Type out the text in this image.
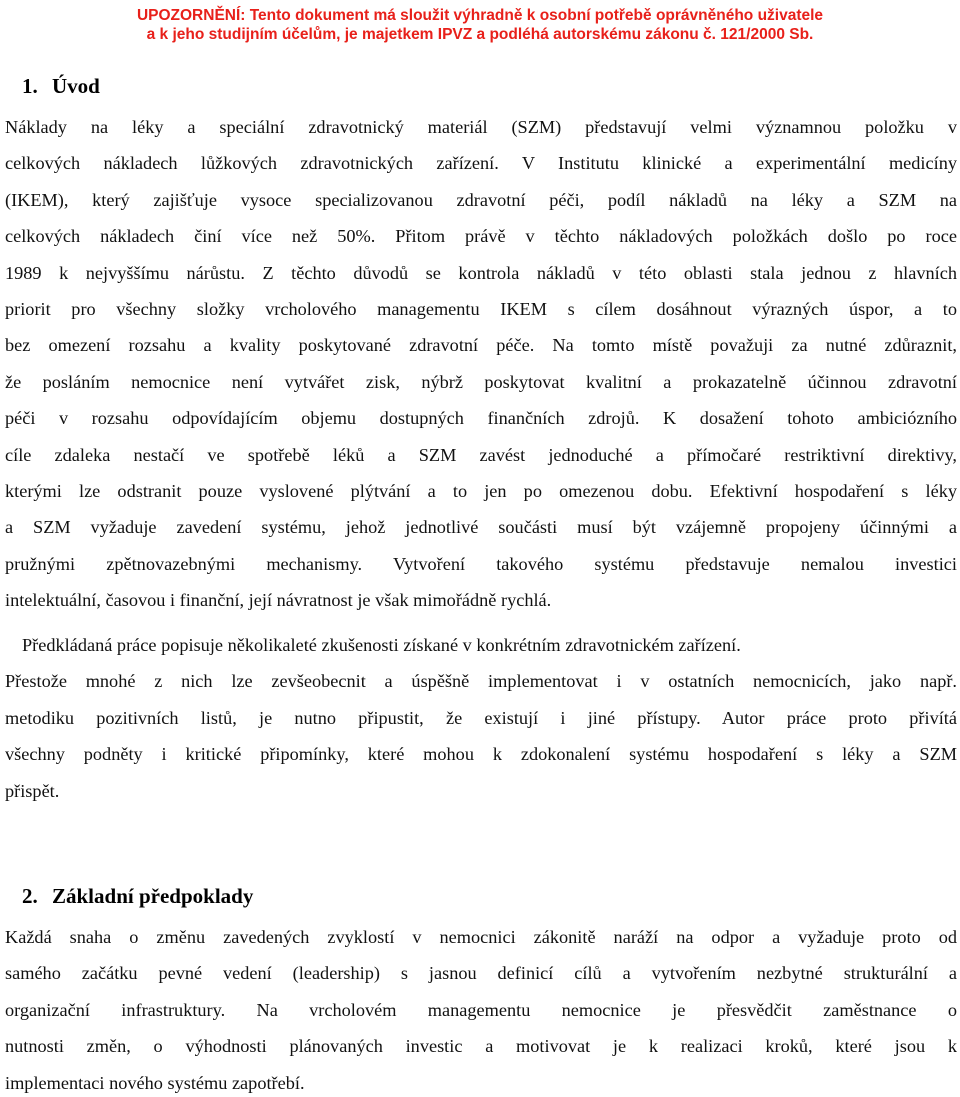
UPOZORNĚNÍ: Tento dokument má sloužit výhradně k osobní potřebě oprávněného uživatele
a k jeho studijním účelům, je majetkem IPVZ a podléhá autorskému zákonu č. 121/2000 Sb.
1. Úvod
Náklady na léky a speciální zdravotnický materiál (SZM) představují velmi významnou položku v
celkových nákladech lůžkových zdravotnických zařízení. V Institutu klinické a experimentální medicíny
(IKEM), který zajišťuje vysoce specializovanou zdravotní péči, podíl nákladů na léky a SZM na
celkových nákladech činí více než 50%. Přitom právě v těchto nákladových položkách došlo po roce
1989 k nejvyššímu nárůstu. Z těchto důvodů se kontrola nákladů v této oblasti stala jednou z hlavních
priorit pro všechny složky vrcholového managementu IKEM s cílem dosáhnout výrazných úspor, a to
bez omezení rozsahu a kvality poskytované zdravotní péče. Na tomto místě považuji za nutné zdůraznit,
že posláním nemocnice není vytvářet zisk, nýbrž poskytovat kvalitní a prokazatelně účinnou zdravotní
péči v rozsahu odpovídajícím objemu dostupných finančních zdrojů. K dosažení tohoto ambiciózního
cíle zdaleka nestačí ve spotřebě léků a SZM zavést jednoduché a přímočaré restriktivní direktivy,
kterými lze odstranit pouze vyslovené plýtvání a to jen po omezenou dobu. Efektivní hospodaření s léky
a SZM vyžaduje zavedení systému, jehož jednotlivé součásti musí být vzájemně propojeny účinnými a
pružnými zpětnovazebnými mechanismy. Vytvoření takového systému představuje nemalou investici
intelektuální, časovou i finanční, její návratnost je však mimořádně rychlá.
Předkládaná práce popisuje několikaleté zkušenosti získané v konkrétním zdravotnickém zařízení.
Přestože mnohé z nich lze zevšeobecnit a úspěšně implementovat i v ostatních nemocnicích, jako např.
metodiku pozitivních listů, je nutno připustit, že existují i jiné přístupy. Autor práce proto přivítá
všechny podněty i kritické připomínky, které mohou k zdokonalení systému hospodaření s léky a SZM
přispět.
2. Základní předpoklady
Každá snaha o změnu zavedených zvyklostí v nemocnici zákonitě naráží na odpor a vyžaduje proto od
samého začátku pevné vedení (leadership) s jasnou definicí cílů a vytvořením nezbytné strukturální a
organizační infrastruktury. Na vrcholovém managementu nemocnice je přesvědčit zaměstnance o
nutnosti změn, o výhodnosti plánovaných investic a motivovat je k realizaci kroků, které jsou k
implementaci nového systému zapotřebí.
